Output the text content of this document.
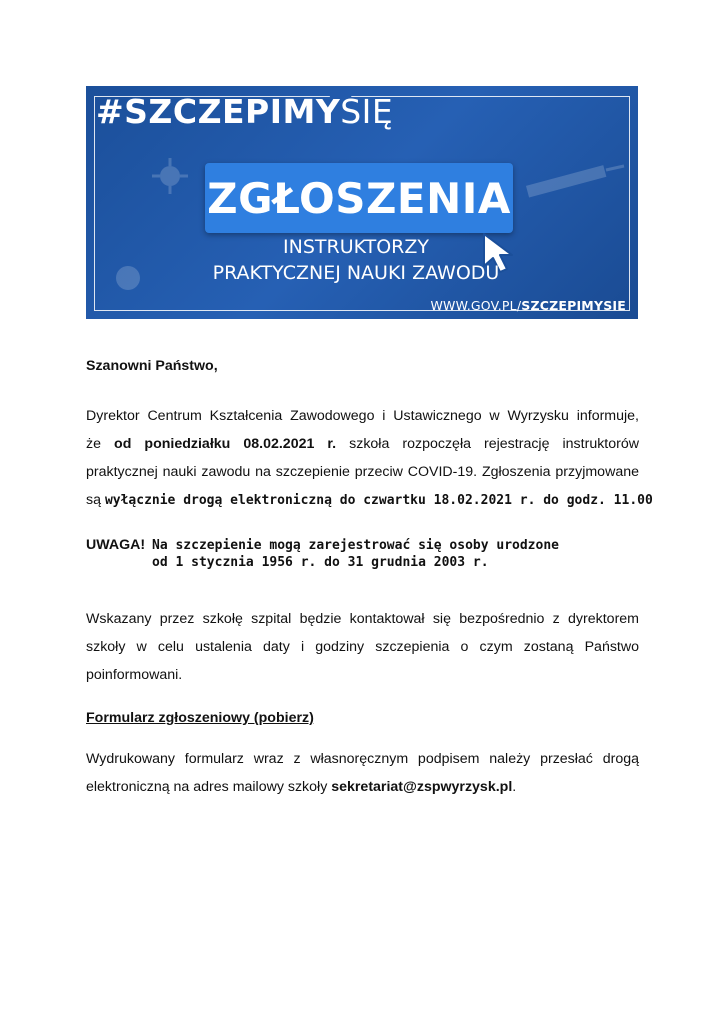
#SZCZEPIMYSIĘ
ZGŁOSZENIA
INSTRUKTORZY
PRAKTYCZNEJ NAUKI ZAWODU
WWW.GOV.PL/SZCZEPIMYSIE
Szanowni Państwo,
Dyrektor Centrum Kształcenia Zawodowego i Ustawicznego w Wyrzysku informuje,
że od poniedziałku 08.02.2021 r. szkoła rozpoczęła rejestrację instruktorów
praktycznej nauki zawodu na szczepienie przeciw COVID-19. Zgłoszenia przyjmowane
są wyłącznie drogą elektroniczną do czwartku 18.02.2021 r. do godz. 11.00
UWAGA! Na szczepienie mogą zarejestrować się osoby urodzone
od 1 stycznia 1956 r. do 31 grudnia 2003 r.
Wskazany przez szkołę szpital będzie kontaktował się bezpośrednio z dyrektorem
szkoły w celu ustalenia daty i godziny szczepienia o czym zostaną Państwo
poinformowani.
Formularz zgłoszeniowy (pobierz)
Wydrukowany formularz wraz z własnoręcznym podpisem należy przesłać drogą
elektroniczną na adres mailowy szkoły sekretariat@zspwyrzysk.pl.
